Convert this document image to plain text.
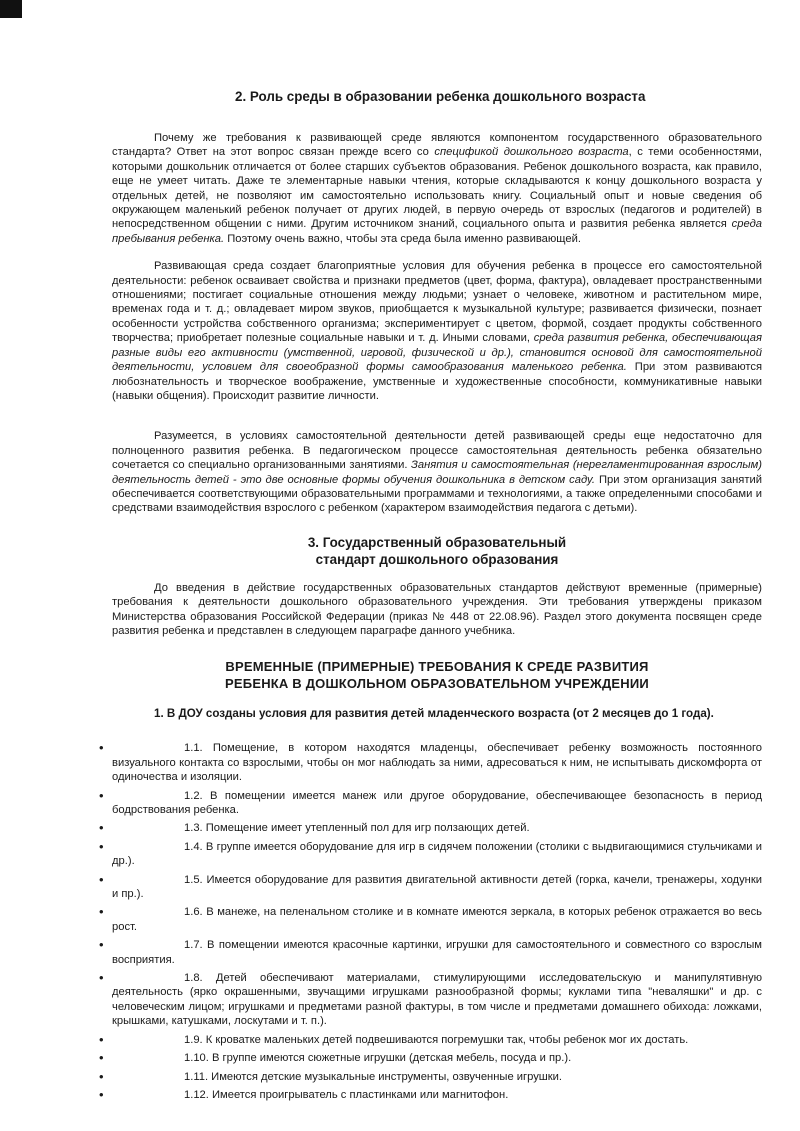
2. Роль среды в образовании ребенка дошкольного возраста

Почему же требования к развивающей среде являются компонентом государственного образовательного стандарта? Ответ на этот вопрос связан прежде всего со спецификой дошкольного возраста, с теми особенностями, которыми дошкольник отличается от более старших субъектов образования. Ребенок дошкольного возраста, как правило, еще не умеет читать. Даже те элементарные навыки чтения, которые складываются к концу дошкольного возраста у отдельных детей, не позволяют им самостоятельно использовать книгу. Социальный опыт и новые сведения об окружающем маленький ребенок получает от других людей, в первую очередь от взрослых (педагогов и родителей) в непосредственном общении с ними. Другим источником знаний, социального опыта и развития ребенка является среда пребывания ребенка. Поэтому очень важно, чтобы эта среда была именно развивающей.

Развивающая среда создает благоприятные условия для обучения ребенка в процессе его самостоятельной деятельности: ребенок осваивает свойства и признаки предметов (цвет, форма, фактура), овладевает пространственными отношениями; постигает социальные отношения между людьми; узнает о человеке, животном и растительном мире, временах года и т. д.; овладевает миром звуков, приобщается к музыкальной культуре; развивается физически, познает особенности устройства собственного организма; экспериментирует с цветом, формой, создает продукты собственного творчества; приобретает полезные социальные навыки и т. д. Иными словами, среда развития ребенка, обеспечивающая разные виды его активности (умственной, игровой, физической и др.), становится основой для самостоятельной деятельности, условием для своеобразной формы самообразования маленького ребенка. При этом развиваются любознательность и творческое воображение, умственные и художественные способности, коммуникативные навыки (навыки общения). Происходит развитие личности.

Разумеется, в условиях самостоятельной деятельности детей развивающей среды еще недостаточно для полноценного развития ребенка. В педагогическом процессе самостоятельная деятельность ребенка обязательно сочетается со специально организованными занятиями. Занятия и самостоятельная (нерегламентированная взрослым) деятельность детей - это две основные формы обучения дошкольника в детском саду. При этом организация занятий обеспечивается соответствующими образовательными программами и технологиями, а также определенными способами и средствами взаимодействия взрослого с ребенком (характером взаимодействия педагога с детьми).

3. Государственный образовательный
стандарт дошкольного образования

До введения в действие государственных образовательных стандартов действуют временные (примерные) требования к деятельности дошкольного образовательного учреждения. Эти требования утверждены приказом Министерства образования Российской Федерации (приказ № 448 от 22.08.96). Раздел этого документа посвящен среде развития ребенка и представлен в следующем параграфе данного учебника.

ВРЕМЕННЫЕ (ПРИМЕРНЫЕ) ТРЕБОВАНИЯ К СРЕДЕ РАЗВИТИЯ
РЕБЕНКА В ДОШКОЛЬНОМ ОБРАЗОВАТЕЛЬНОМ УЧРЕЖДЕНИИ
1. В ДОУ созданы условия для развития детей младенческого возраста (от 2 месяцев до 1 года).
•	1.1. Помещение, в котором находятся младенцы, обеспечивает ребенку возможность постоянного визуального контакта со взрослыми, чтобы он мог наблюдать за ними, адресоваться к ним, не испытывать дискомфорта от одиночества и изоляции.
•	1.2. В помещении имеется манеж или другое оборудование, обеспечивающее безопасность в период бодрствования ребенка.
•	1.3. Помещение имеет утепленный пол для игр ползающих детей.
•	1.4. В группе имеется оборудование для игр в сидячем положении (столики с выдвигающимися стульчиками и др.).
•	1.5. Имеется оборудование для развития двигательной активности детей (горка, качели, тренажеры, ходунки и пр.).
•	1.6. В манеже, на пеленальном столике и в комнате имеются зеркала, в которых ребенок отражается во весь рост.
•	1.7. В помещении имеются красочные картинки, игрушки для самостоятельного и совместного со взрослым восприятия.
•	1.8. Детей обеспечивают материалами, стимулирующими исследовательскую и манипулятивную деятельность (ярко окрашенными, звучащими игрушками разнообразной формы; куклами типа "неваляшки" и др. с человеческим лицом; игрушками и предметами разной фактуры, в том числе и предметами домашнего обихода: ложками, крышками, катушками, лоскутами и т. п.).
•	1.9. К кроватке маленьких детей подвешиваются погремушки так, чтобы ребенок мог их достать.
•	1.10. В группе имеются сюжетные игрушки (детская мебель, посуда и пр.).
•	1.11. Имеются детские музыкальные инструменты, озвученные игрушки.
•	1.12. Имеется проигрыватель с пластинками или магнитофон.
